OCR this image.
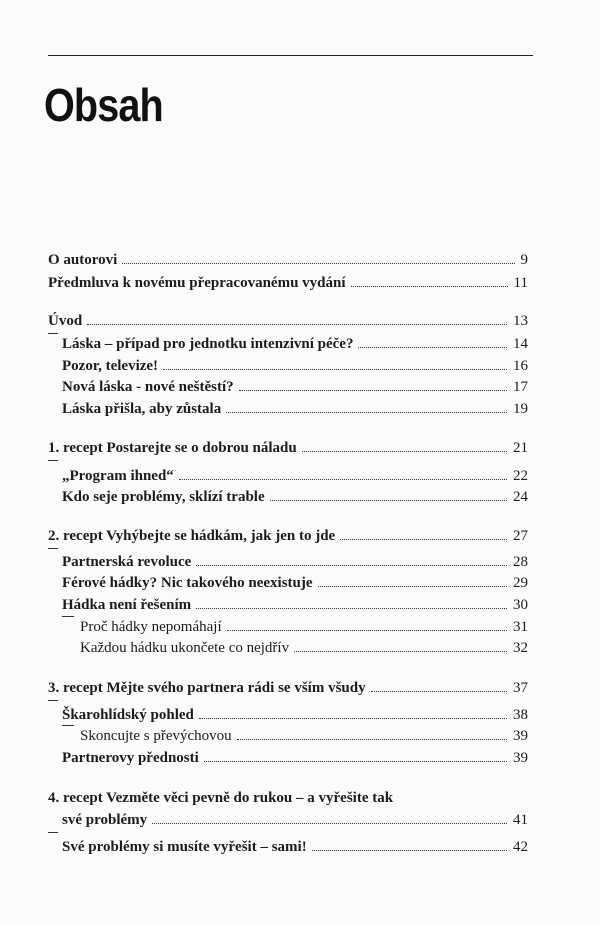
Obsah
O autorovi	9
Předmluva k novému přepracovanému vydání	11
Úvod	13
Láska – případ pro jednotku intenzivní péče?	14
Pozor, televize!	16
Nová láska - nové neštěstí?	17
Láska přišla, aby zůstala	19
1. recept Postarejte se o dobrou náladu	21
„Program ihned“	22
Kdo seje problémy, sklízí trable	24
2. recept Vyhýbejte se hádkám, jak jen to jde	27
Partnerská revoluce	28
Férové hádky? Nic takového neexistuje	29
Hádka není řešením	30
Proč hádky nepomáhají	31
Každou hádku ukončete co nejdřív	32
3. recept Mějte svého partnera rádi se vším všudy	37
Škarohlídský pohled	38
Skoncujte s převýchovou	39
Partnerovy přednosti	39
4. recept Vezměte věci pevně do rukou – a vyřešite tak
své problémy	41
Své problémy si musíte vyřešit – sami!	42
